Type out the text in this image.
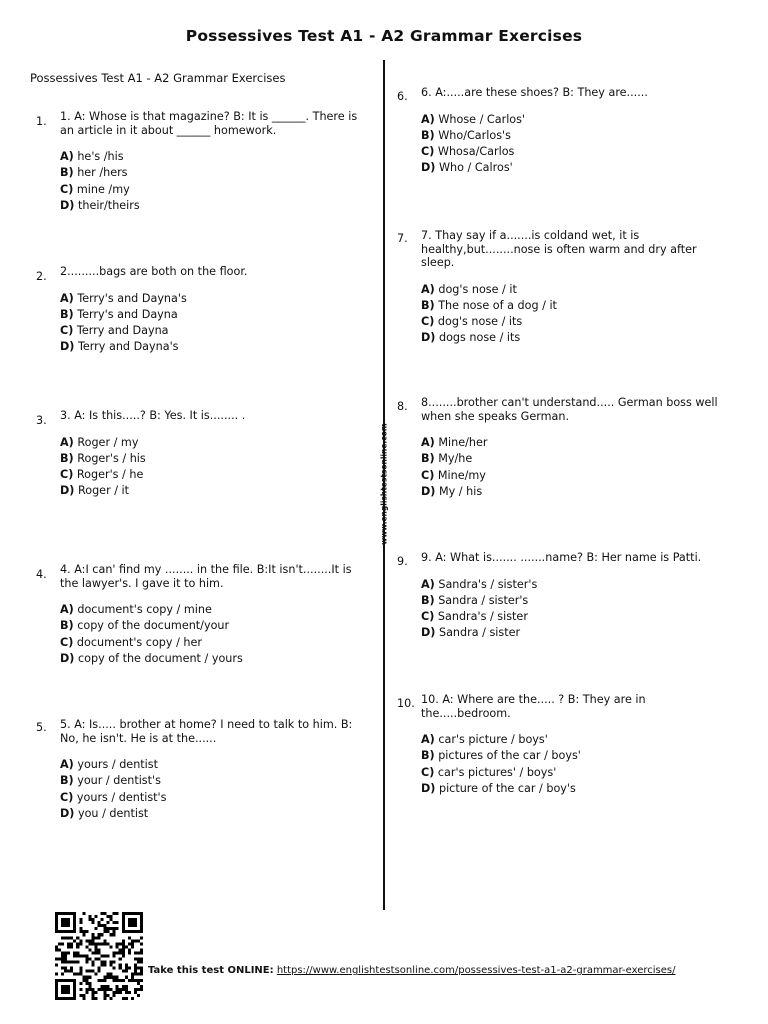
Possessives Test A1 - A2 Grammar Exercises
Possessives Test A1 - A2 Grammar Exercises
www.englishtestsonline.com
1. 1. A: Whose is that magazine? B: It is ______. There is an article in it about ______ homework.

A) he's /his

B) her /hers

C) mine /my

D) their/theirs

2. 2.........bags are both on the floor.

A) Terry's and Dayna's

B) Terry's and Dayna

C) Terry and Dayna

D) Terry and Dayna's

3. 3. A: Is this.....? B: Yes. It is........ .

A) Roger / my

B) Roger's / his

C) Roger's / he

D) Roger / it

4. 4. A:I can' find my ........ in the file. B:It isn't........It is the lawyer's. I gave it to him.

A) document's copy / mine

B) copy of the document/your

C) document's copy / her

D) copy of the document / yours

5. 5. A: Is..... brother at home? I need to talk to him. B: No, he isn't. He is at the......

A) yours / dentist

B) your / dentist's

C) yours / dentist's

D) you / dentist

6. 6. A:.....are these shoes? B: They are......

A) Whose / Carlos'

B) Who/Carlos's

C) Whosa/Carlos

D) Who / Calros'

7. 7. Thay say if a.......is coldand wet, it is healthy,but........nose is often warm and dry after sleep.

A) dog's nose / it

B) The nose of a dog / it

C) dog's nose / its

D) dogs nose / its

8. 8........brother can't understand..... German boss well when she speaks German.

A) Mine/her

B) My/he

C) Mine/my

D) My / his

9. 9. A: What is....... .......name? B: Her name is Patti.

A) Sandra's / sister's

B) Sandra / sister's

C) Sandra's / sister

D) Sandra / sister

10. 10. A: Where are the..... ? B: They are in the.....bedroom.

A) car's picture / boys'

B) pictures of the car / boys'

C) car's pictures' / boys'

D) picture of the car / boy's

Take this test ONLINE: https://www.englishtestsonline.com/possessives-test-a1-a2-grammar-exercises/
